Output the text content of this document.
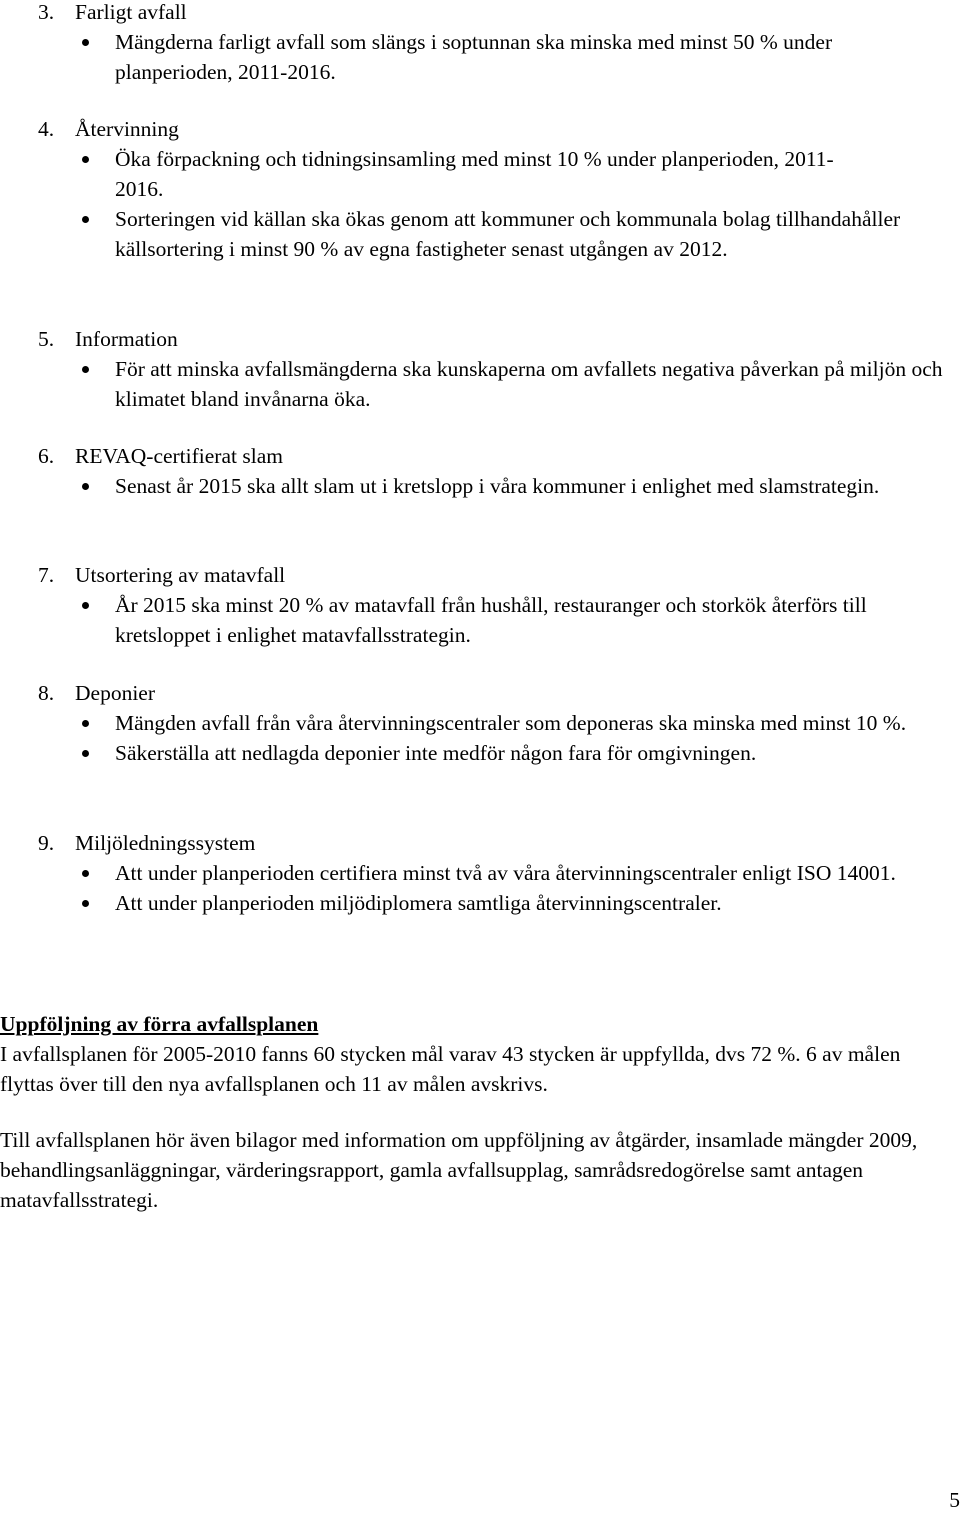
3. Farligt avfall
Mängderna farligt avfall som slängs i soptunnan ska minska med minst 50 % under planperioden, 2011-2016.
4. Återvinning
Öka förpackning och tidningsinsamling med minst 10 % under planperioden, 2011-2016.
Sorteringen vid källan ska ökas genom att kommuner och kommunala bolag tillhandahåller källsortering i minst 90 % av egna fastigheter senast utgången av 2012.
5. Information
För att minska avfallsmängderna ska kunskaperna om avfallets negativa påverkan på miljön och klimatet bland invånarna öka.
6. REVAQ-certifierat slam
Senast år 2015 ska allt slam ut i kretslopp i våra kommuner i enlighet med slamstrategin.
7. Utsortering av matavfall
År 2015 ska minst 20 % av matavfall från hushåll, restauranger och storkök återförs till kretsloppet i enlighet matavfallsstrategin.
8. Deponier
Mängden avfall från våra återvinningscentraler som deponeras ska minska med minst 10 %.
Säkerställa att nedlagda deponier inte medför någon fara för omgivningen.
9. Miljöledningssystem
Att under planperioden certifiera minst två av våra återvinningscentraler enligt ISO 14001.
Att under planperioden miljödiplomera samtliga återvinningscentraler.
Uppföljning av förra avfallsplanen

I avfallsplanen för 2005-2010 fanns 60 stycken mål varav 43 stycken är uppfyllda, dvs 72 %. 6 av målen flyttas över till den nya avfallsplanen och 11 av målen avskrivs.

Till avfallsplanen hör även bilagor med information om uppföljning av åtgärder, insamlade mängder 2009, behandlingsanläggningar, värderingsrapport, gamla avfallsupplag, samrådsredogörelse samt antagen matavfallsstrategi.

5
